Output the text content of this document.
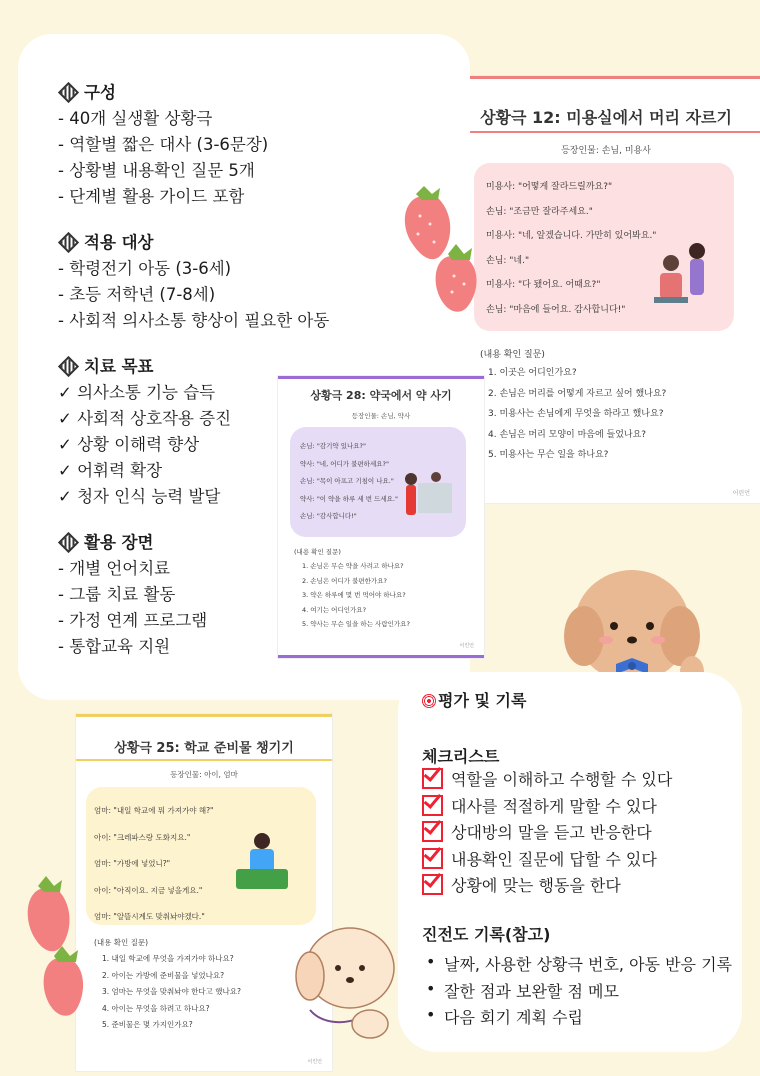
상황극 12: 미용실에서 머리 자르기
등장인물: 손님, 미용사
미용사: "어떻게 잘라드릴까요?"
손님: "조금만 잘라주세요."
미용사: "네, 알겠습니다. 가만히 있어봐요."
손님: "네."
미용사: "다 됐어요. 어때요?"
손님: "마음에 들어요. 감사합니다!"
(내용 확인 질문)
1. 이곳은 어디인가요?
2. 손님은 머리를 어떻게 자르고 싶어 했나요?
3. 미용사는 손님에게 무엇을 하라고 했나요?
4. 손님은 머리 모양이 마음에 들었나요?
5. 미용사는 무슨 일을 하나요?
어린언
구성
- 40개 실생활 상황극
- 역할별 짧은 대사 (3-6문장)
- 상황별 내용확인 질문 5개
- 단계별 활용 가이드 포함
적용 대상
- 학령전기 아동 (3-6세)
- 초등 저학년 (7-8세)
- 사회적 의사소통 향상이 필요한 아동
치료 목표
✓ 의사소통 기능 습득
✓ 사회적 상호작용 증진
✓ 상황 이해력 향상
✓ 어휘력 확장
✓ 청자 인식 능력 발달
활용 장면
- 개별 언어치료
- 그룹 치료 활동
- 가정 연계 프로그램
- 통합교육 지원
상황극 28: 약국에서 약 사기
등장인물: 손님, 약사
손님: "감기약 있나요?"
약사: "네, 어디가 불편하세요?"
손님: "목이 아프고 기침이 나요."
약사: "이 약을 하루 세 번 드세요."
손님: "감사합니다!"
(내용 확인 질문)
1. 손님은 무슨 약을 사려고 하나요?
2. 손님은 어디가 불편한가요?
3. 약은 하루에 몇 번 먹어야 하나요?
4. 여기는 어디인가요?
5. 약사는 무슨 일을 하는 사람인가요?
어린언
상황극 25: 학교 준비물 챙기기
등장인물: 아이, 엄마
엄마: "내일 학교에 뭐 가져가야 해?"
아이: "크레파스랑 도화지요."
엄마: "가방에 넣었니?"
아이: "아직이요. 지금 넣을게요."
엄마: "알뜰시계도 맞춰놔야겠다."
(내용 확인 질문)
1. 내일 학교에 무엇을 가져가야 하나요?
2. 아이는 가방에 준비물을 넣었나요?
3. 엄마는 무엇을 맞춰놔야 한다고 했나요?
4. 아이는 무엇을 하려고 하나요?
5. 준비물은 몇 가지인가요?
어린언
평가 및 기록
체크리스트
역할을 이해하고 수행할 수 있다
대사를 적절하게 말할 수 있다
상대방의 말을 듣고 반응한다
내용확인 질문에 답할 수 있다
상황에 맞는 행동을 한다
진전도 기록(참고)
• 날짜, 사용한 상황극 번호, 아동 반응 기록
• 잘한 점과 보완할 점 메모
• 다음 회기 계획 수립
